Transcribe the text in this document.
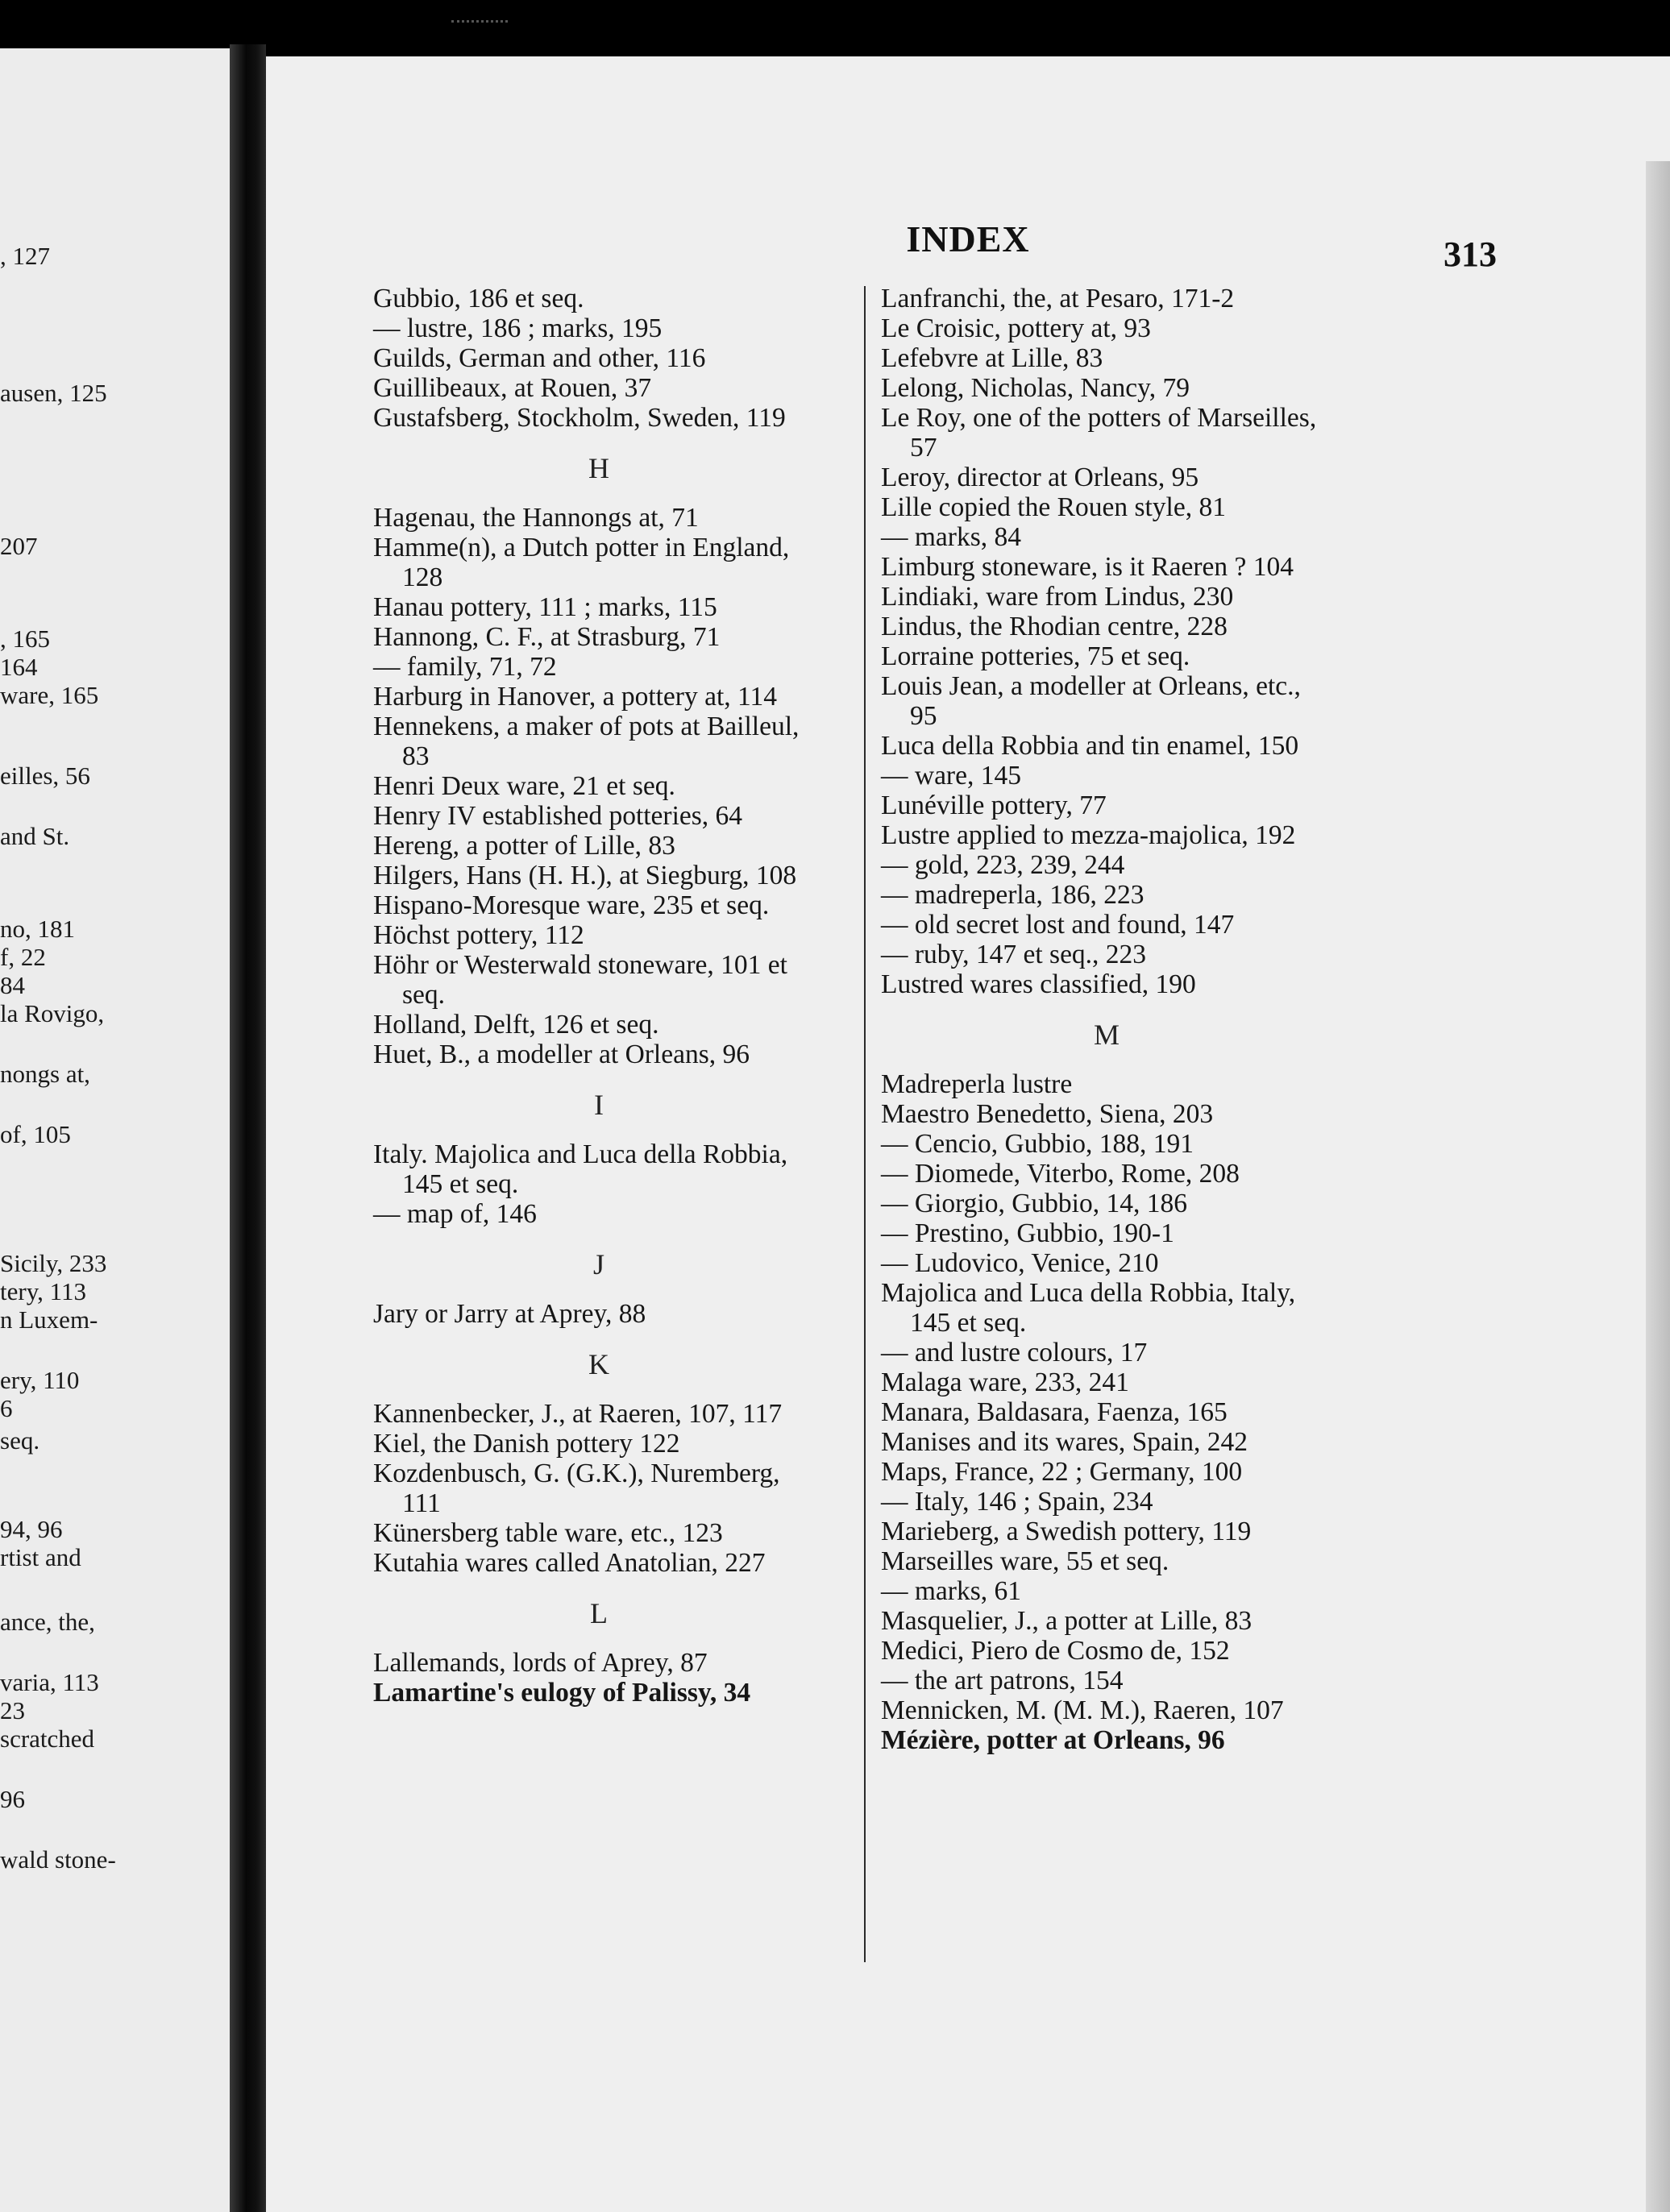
, 127
ausen, 125
207
, 165
164
ware, 165
eilles, 56
and St.
no, 181
f, 22
84
la Rovigo,
nongs at,
of, 105
Sicily, 233
tery, 113
n Luxem-
ery, 110
6
seq.
94, 96
rtist and
ance, the,
varia, 113
23
scratched
96
wald stone-
INDEX	313
Gubbio, 186 et seq.
— lustre, 186 ; marks, 195
Guilds, German and other, 116
Guillibeaux, at Rouen, 37
Gustafsberg, Stockholm, Sweden, 119
H
Hagenau, the Hannongs at, 71
Hamme(n), a Dutch potter in England, 128
Hanau pottery, 111 ; marks, 115
Hannong, C. F., at Strasburg, 71
— family, 71, 72
Harburg in Hanover, a pottery at, 114
Hennekens, a maker of pots at Bailleul, 83
Henri Deux ware, 21 et seq.
Henry IV established potteries, 64
Hereng, a potter of Lille, 83
Hilgers, Hans (H. H.), at Siegburg, 108
Hispano-Moresque ware, 235 et seq.
Höchst pottery, 112
Höhr or Westerwald stoneware, 101 et seq.
Holland, Delft, 126 et seq.
Huet, B., a modeller at Orleans, 96
I
Italy. Majolica and Luca della Robbia, 145 et seq.
— map of, 146
J
Jary or Jarry at Aprey, 88
K
Kannenbecker, J., at Raeren, 107, 117
Kiel, the Danish pottery 122
Kozdenbusch, G. (G.K.), Nuremberg, 111
Künersberg table ware, etc., 123
Kutahia wares called Anatolian, 227
L
Lallemands, lords of Aprey, 87
Lamartine's eulogy of Palissy, 34
Lanfranchi, the, at Pesaro, 171-2
Le Croisic, pottery at, 93
Lefebvre at Lille, 83
Lelong, Nicholas, Nancy, 79
Le Roy, one of the potters of Marseilles, 57
Leroy, director at Orleans, 95
Lille copied the Rouen style, 81
— marks, 84
Limburg stoneware, is it Raeren ? 104
Lindiaki, ware from Lindus, 230
Lindus, the Rhodian centre, 228
Lorraine potteries, 75 et seq.
Louis Jean, a modeller at Orleans, etc., 95
Luca della Robbia and tin enamel, 150
— ware, 145
Lunéville pottery, 77
Lustre applied to mezza-majolica, 192
— gold, 223, 239, 244
— madreperla, 186, 223
— old secret lost and found, 147
— ruby, 147 et seq., 223
Lustred wares classified, 190
M
Madreperla lustre
Maestro Benedetto, Siena, 203
— Cencio, Gubbio, 188, 191
— Diomede, Viterbo, Rome, 208
— Giorgio, Gubbio, 14, 186
— Prestino, Gubbio, 190-1
— Ludovico, Venice, 210
Majolica and Luca della Robbia, Italy, 145 et seq.
— and lustre colours, 17
Malaga ware, 233, 241
Manara, Baldasara, Faenza, 165
Manises and its wares, Spain, 242
Maps, France, 22 ; Germany, 100
— Italy, 146 ; Spain, 234
Marieberg, a Swedish pottery, 119
Marseilles ware, 55 et seq.
— marks, 61
Masquelier, J., a potter at Lille, 83
Medici, Piero de Cosmo de, 152
— the art patrons, 154
Mennicken, M. (M. M.), Raeren, 107
Mézière, potter at Orleans, 96
